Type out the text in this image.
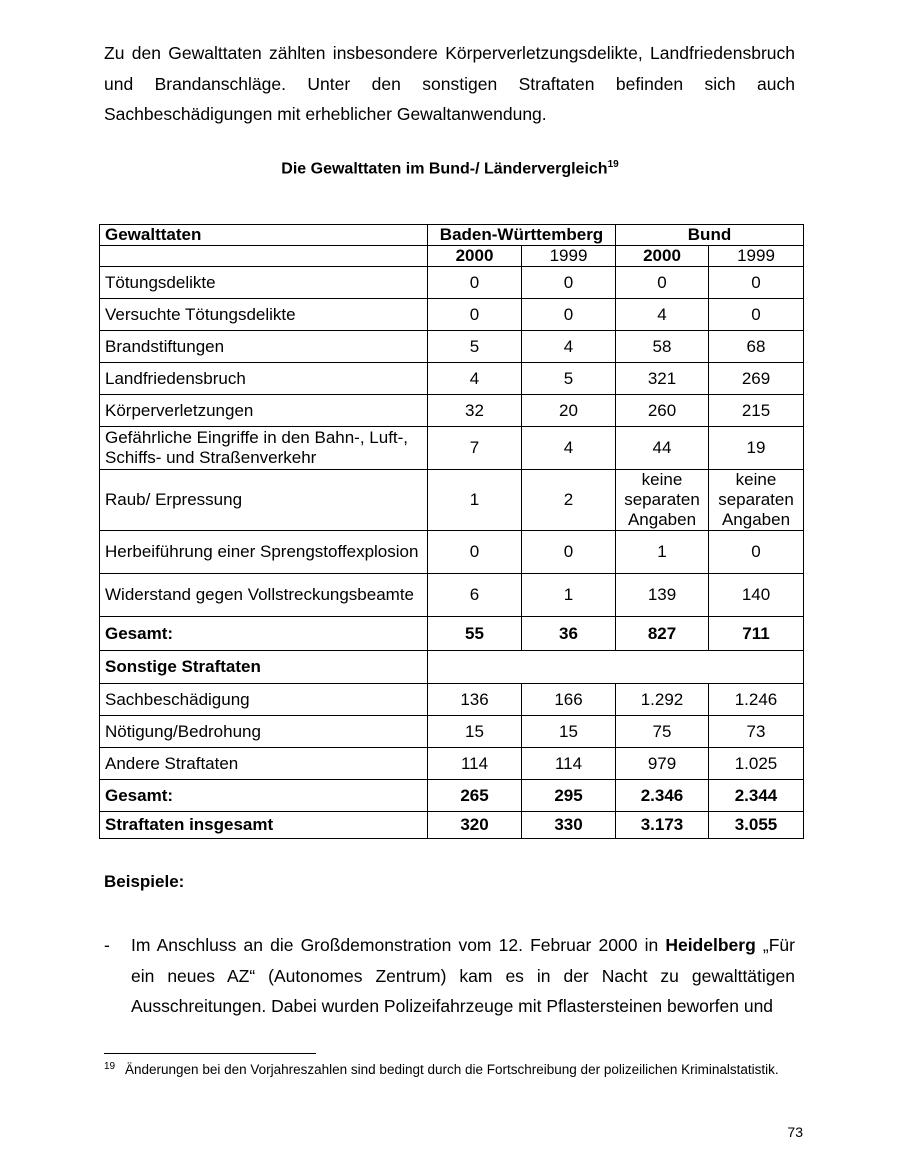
Zu den Gewalttaten zählten insbesondere Körperverletzungsdelikte, Landfriedensbruch und Brandanschläge. Unter den sonstigen Straftaten befinden sich auch Sachbeschädigungen mit erheblicher Gewaltanwendung.

Die Gewalttaten im Bund-/ Ländervergleich$^{19}$
Gewalttaten	Baden-Württemberg		Bund	
	2000	1999	2000	1999
Tötungsdelikte	0	0	0	0
Versuchte Tötungsdelikte	0	0	4	0
Brandstiftungen	5	4	58	68
Landfriedensbruch	4	5	321	269
Körperverletzungen	32	20	260	215
Gefährliche Eingriffe in den Bahn-, Luft-, Schiffs- und Straßenverkehr	7	4	44	19
Raub/ Erpressung	1	2	keine separaten Angaben	keine separaten Angaben
Herbeiführung einer Sprengstoffexplosion	0	0	1	0
Widerstand gegen Vollstreckungsbeamte	6	1	139	140
Gesamt:	55	36	827	711
Sonstige Straftaten				
Sachbeschädigung	136	166	1.292	1.246
Nötigung/Bedrohung	15	15	75	73
Andere Straftaten	114	114	979	1.025
Gesamt:	265	295	2.346	2.344
Straftaten insgesamt	320	330	3.173	3.055
Beispiele:
- Im Anschluss an die Großdemonstration vom 12. Februar 2000 in Heidelberg „Für ein neues AZ“ (Autonomes Zentrum) kam es in der Nacht zu gewalttätigen Ausschreitungen. Dabei wurden Polizeifahrzeuge mit Pflastersteinen beworfen und
19 Änderungen bei den Vorjahreszahlen sind bedingt durch die Fortschreibung der polizeilichen Kriminalstatistik.
73
